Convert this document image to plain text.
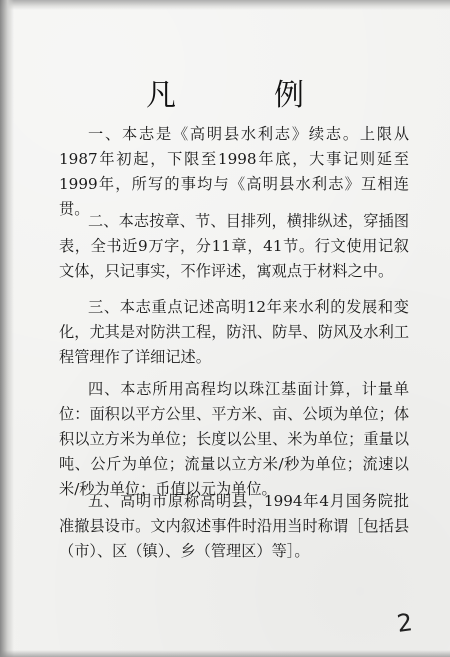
凡　例

一、本志是《高明县水利志》续志。上限从1987年初起，下限至1998年底，大事记则延至1999年，所写的事均与《高明县水利志》互相连贯。

二、本志按章、节、目排列，横排纵述，穿插图表，全书近9万字，分11章，41节。行文使用记叙文体，只记事实，不作评述，寓观点于材料之中。

三、本志重点记述高明12年来水利的发展和变化，尤其是对防洪工程，防汛、防旱、防风及水利工程管理作了详细记述。

四、本志所用高程均以珠江基面计算，计量单位：面积以平方公里、平方米、亩、公顷为单位；体积以立方米为单位；长度以公里、米为单位；重量以吨、公斤为单位；流量以立方米/秒为单位；流速以米/秒为单位；币值以元为单位。

五、高明市原称高明县，1994年4月国务院批准撤县设市。文内叙述事件时沿用当时称谓［包括县（市）、区（镇）、乡（管理区）等］。

2
